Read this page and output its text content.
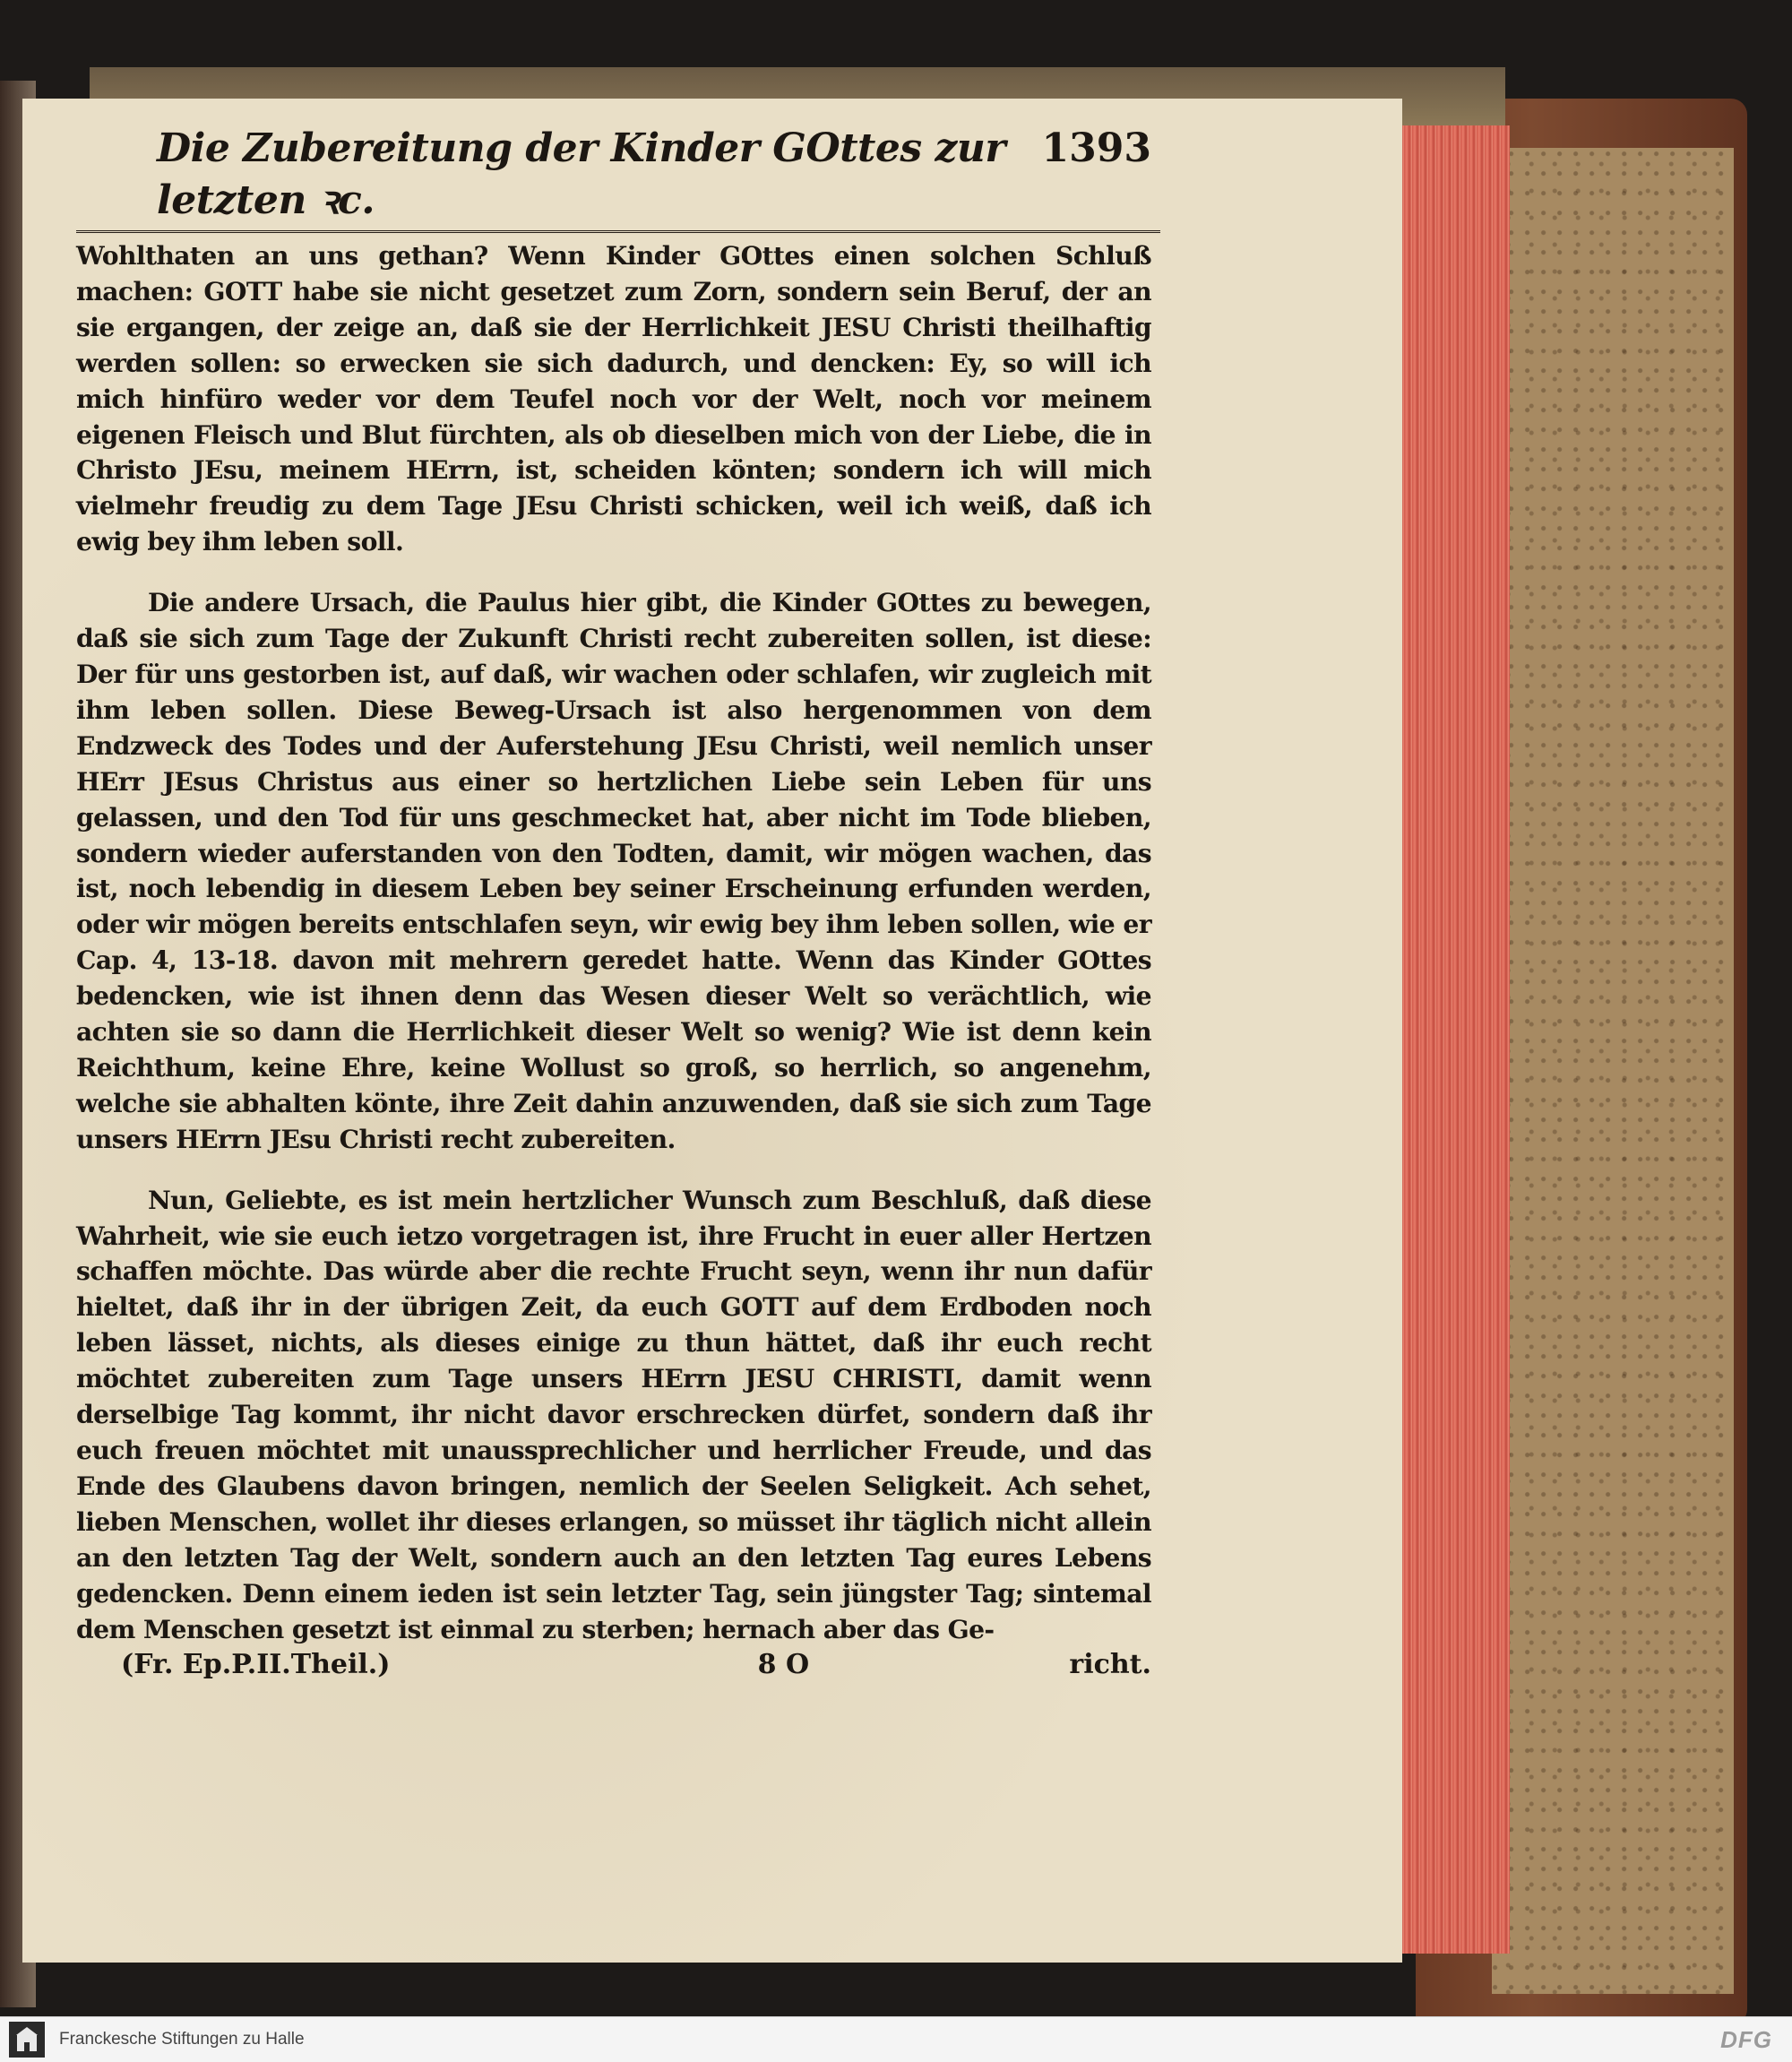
Die Zubereitung der Kinder GOttes zur letzten ꝛc.
1393

Wohlthaten an uns gethan? Wenn Kinder GOttes einen solchen Schluß machen: GOTT habe sie nicht gesetzet zum Zorn, sondern sein Beruf, der an sie ergangen, der zeige an, daß sie der Herrlichkeit JESU Christi theilhaftig werden sollen: so erwecken sie sich dadurch, und dencken: Ey, so will ich mich hinfüro weder vor dem Teufel noch vor der Welt, noch vor meinem eigenen Fleisch und Blut fürchten, als ob dieselben mich von der Liebe, die in Christo JEsu, meinem HErrn, ist, scheiden könten; sondern ich will mich vielmehr freudig zu dem Tage JEsu Christi schicken, weil ich weiß, daß ich ewig bey ihm leben soll.

Die andere Ursach, die Paulus hier gibt, die Kinder GOttes zu bewegen, daß sie sich zum Tage der Zukunft Christi recht zubereiten sollen, ist diese: Der für uns gestorben ist, auf daß, wir wachen oder schlafen, wir zugleich mit ihm leben sollen. Diese Beweg-Ursach ist also hergenommen von dem Endzweck des Todes und der Auferstehung JEsu Christi, weil nemlich unser HErr JEsus Christus aus einer so hertzlichen Liebe sein Leben für uns gelassen, und den Tod für uns geschmecket hat, aber nicht im Tode blieben, sondern wieder auferstanden von den Todten, damit, wir mögen wachen, das ist, noch lebendig in diesem Leben bey seiner Erscheinung erfunden werden, oder wir mögen bereits entschlafen seyn, wir ewig bey ihm leben sollen, wie er Cap. 4, 13-18. davon mit mehrern geredet hatte. Wenn das Kinder GOttes bedencken, wie ist ihnen denn das Wesen dieser Welt so verächtlich, wie achten sie so dann die Herrlichkeit dieser Welt so wenig? Wie ist denn kein Reichthum, keine Ehre, keine Wollust so groß, so herrlich, so angenehm, welche sie abhalten könte, ihre Zeit dahin anzuwenden, daß sie sich zum Tage unsers HErrn JEsu Christi recht zubereiten.

Nun, Geliebte, es ist mein hertzlicher Wunsch zum Beschluß, daß diese Wahrheit, wie sie euch ietzo vorgetragen ist, ihre Frucht in euer aller Hertzen schaffen möchte. Das würde aber die rechte Frucht seyn, wenn ihr nun dafür hieltet, daß ihr in der übrigen Zeit, da euch GOTT auf dem Erdboden noch leben lässet, nichts, als dieses einige zu thun hättet, daß ihr euch recht möchtet zubereiten zum Tage unsers HErrn JESU CHRISTI, damit wenn derselbige Tag kommt, ihr nicht davor erschrecken dürfet, sondern daß ihr euch freuen möchtet mit unaussprechlicher und herrlicher Freude, und das Ende des Glaubens davon bringen, nemlich der Seelen Seligkeit. Ach sehet, lieben Menschen, wollet ihr dieses erlangen, so müsset ihr täglich nicht allein an den letzten Tag der Welt, sondern auch an den letzten Tag eures Lebens gedencken. Denn einem ieden ist sein letzter Tag, sein jüngster Tag; sintemal dem Menschen gesetzt ist einmal zu sterben; hernach aber das Ge-

(Fr. Ep.P.II.Theil.)	8 O	richt.
Franckesche Stiftungen zu Halle	DFG
